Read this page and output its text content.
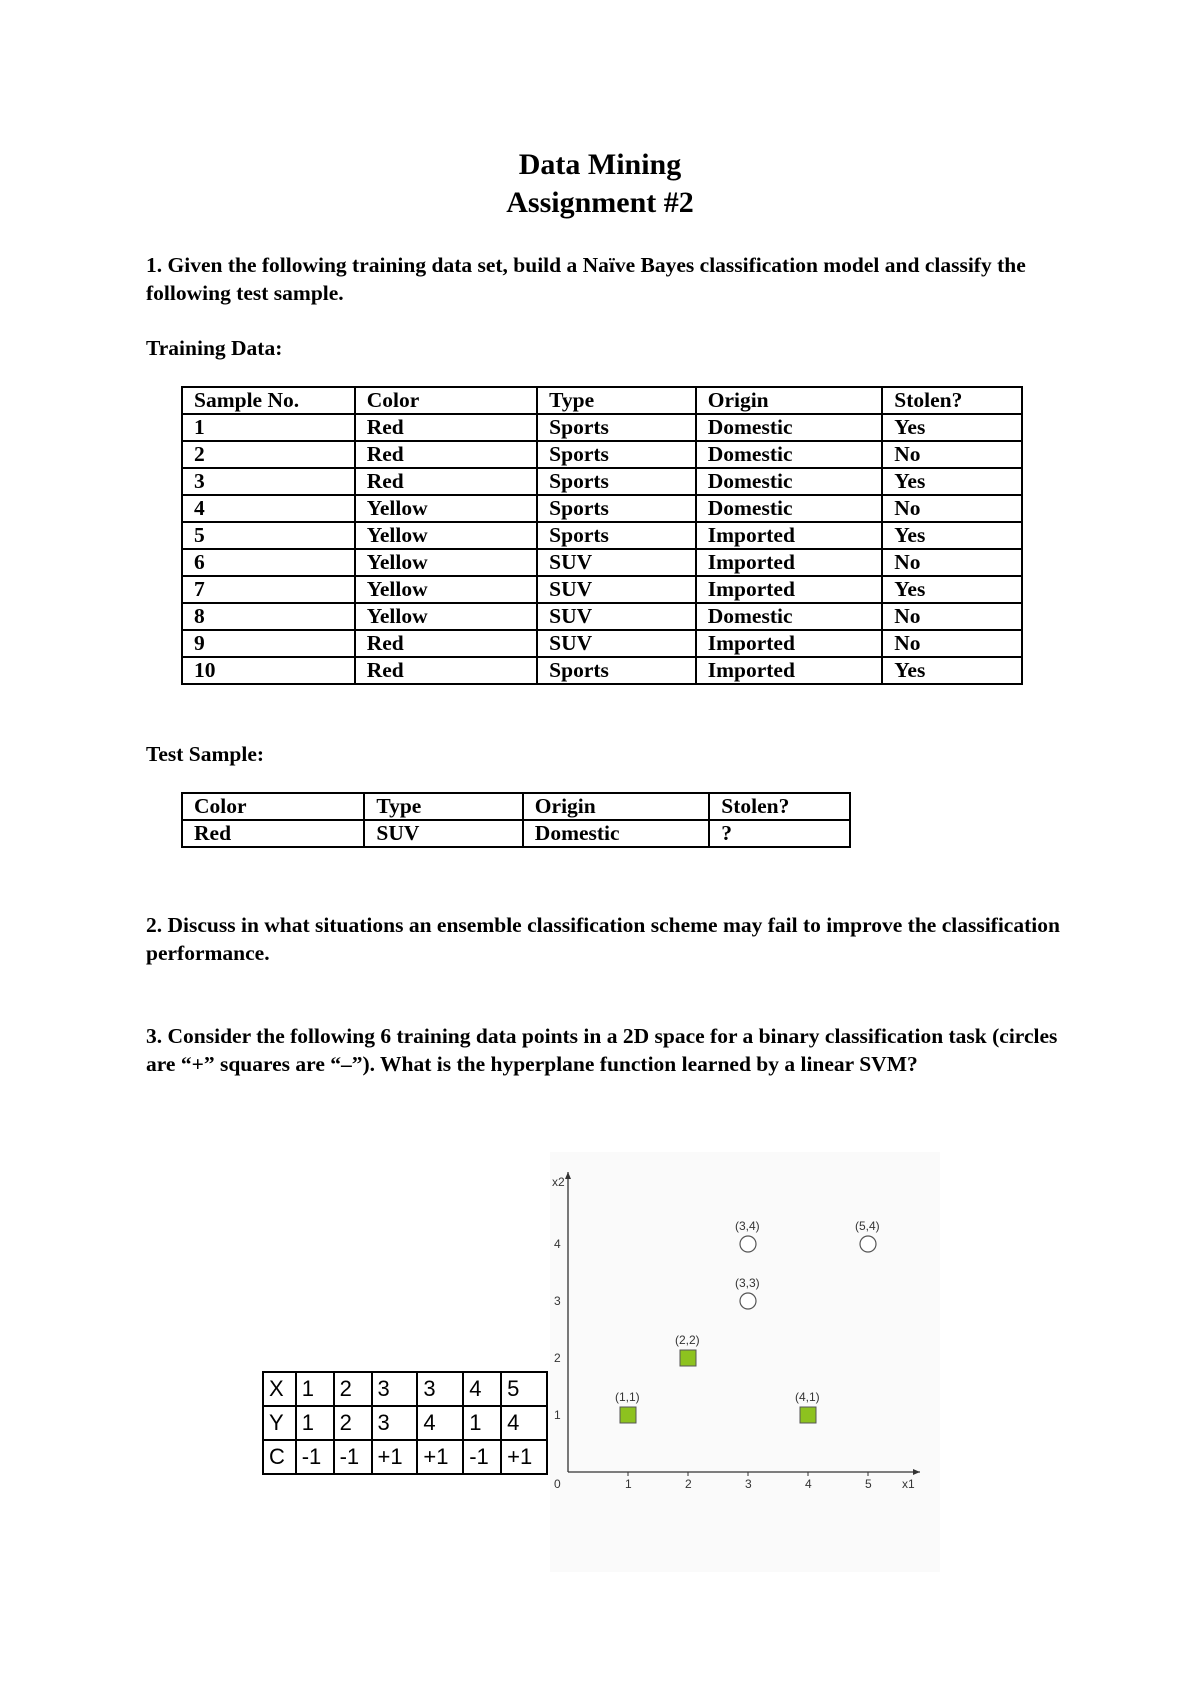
Data Mining
Assignment #2
1. Given the following training data set, build a Naïve Bayes classification model and classify the following test sample.
Training Data:
Sample No.	Color	Type	Origin	Stolen?
1	Red	Sports	Domestic	Yes
2	Red	Sports	Domestic	No
3	Red	Sports	Domestic	Yes
4	Yellow	Sports	Domestic	No
5	Yellow	Sports	Imported	Yes
6	Yellow	SUV	Imported	No
7	Yellow	SUV	Imported	Yes
8	Yellow	SUV	Domestic	No
9	Red	SUV	Imported	No
10	Red	Sports	Imported	Yes
Test Sample:
Color	Type	Origin	Stolen?
Red	SUV	Domestic	?
2. Discuss in what situations an ensemble classification scheme may fail to improve the classification performance.
3. Consider the following 6 training data points in a 2D space for a binary classification task (circles are “+” squares are “–”). What is the hyperplane function learned by a linear SVM?
X	1	2	3	3	4	5
Y	1	2	3	4	1	4
C	-1	-1	+1	+1	-1	+1
x2
x1
0	1	2	3	4	5
1
2
3
4
(3,3)
(3,4)	(5,4)
(1,1)
(2,2)
(4,1)
